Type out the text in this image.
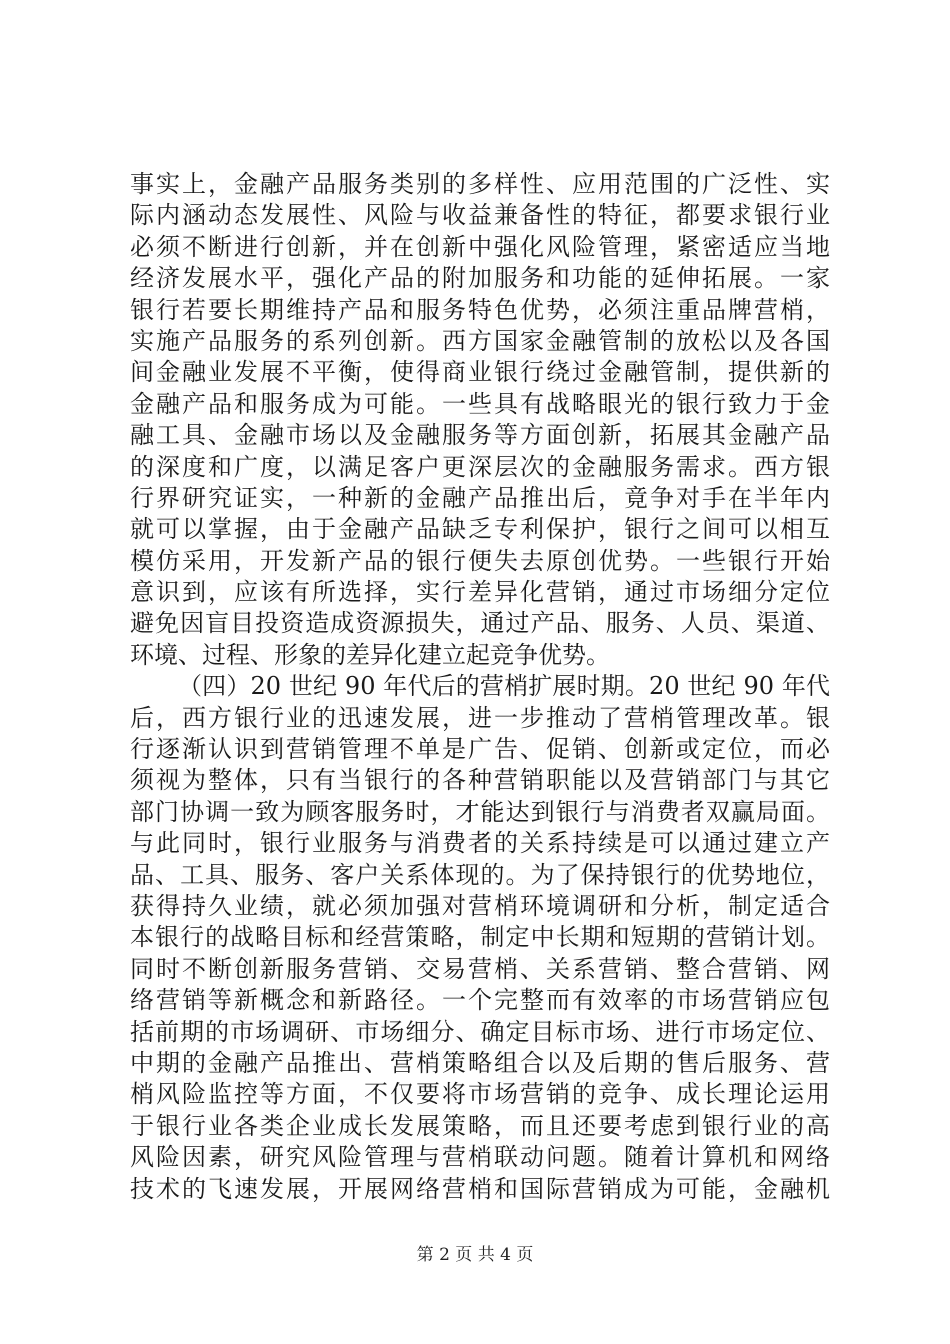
事实上，金融产品服务类别的多样性、应用范围的广泛性、实
际内涵动态发展性、风险与收益兼备性的特征，都要求银行业
必须不断进行创新，并在创新中强化风险管理，紧密适应当地
经济发展水平，强化产品的附加服务和功能的延伸拓展。一家
银行若要长期维持产品和服务特色优势，必须注重品牌营梢，
实施产品服务的系列创新。西方国家金融管制的放松以及各国
间金融业发展不平衡，使得商业银行绕过金融管制，提供新的
金融产品和服务成为可能。一些具有战略眼光的银行致力于金
融工具、金融市场以及金融服务等方面创新，拓展其金融产品
的深度和广度，以满足客户更深层次的金融服务需求。西方银
行界研究证实，一种新的金融产品推出后，竟争对手在半年内
就可以掌握，由于金融产品缺乏专利保护，银行之间可以相互
模仿采用，开发新产品的银行便失去原创优势。一些银行开始
意识到，应该有所选择，实行差异化营销，通过市场细分定位
避免因盲目投资造成资源损失，通过产品、服务、人员、渠道、
环境、过程、形象的差异化建立起竞争优势。
（四）20 世纪 90 年代后的营梢扩展时期。20 世纪 90 年代
后，西方银行业的迅速发展，进一步推动了营梢管理改革。银
行逐渐认识到营销管理不单是广告、促销、创新或定位，而必
须视为整体，只有当银行的各种营销职能以及营销部门与其它
部门协调一致为顾客服务时，才能达到银行与消费者双赢局面。
与此同时，银行业服务与消费者的关系持续是可以通过建立产
品、工具、服务、客户关系体现的。为了保持银行的优势地位，
获得持久业绩，就必须加强对营梢环境调研和分析，制定适合
本银行的战略目标和经营策略，制定中长期和短期的营销计划。
同时不断创新服务营销、交易营梢、关系营销、整合营销、网
络营销等新概念和新路径。一个完整而有效率的市场营销应包
括前期的市场调研、市场细分、确定目标市场、进行市场定位、
中期的金融产品推出、营梢策略组合以及后期的售后服务、营
梢风险监控等方面，不仅要将市场营销的竞争、成长理论运用
于银行业各类企业成长发展策略，而且还要考虑到银行业的高
风险因素，研究风险管理与营梢联动问题。随着计算机和网络
技术的飞速发展，开展网络营梢和国际营销成为可能，金融机
第 2 页 共 4 页
